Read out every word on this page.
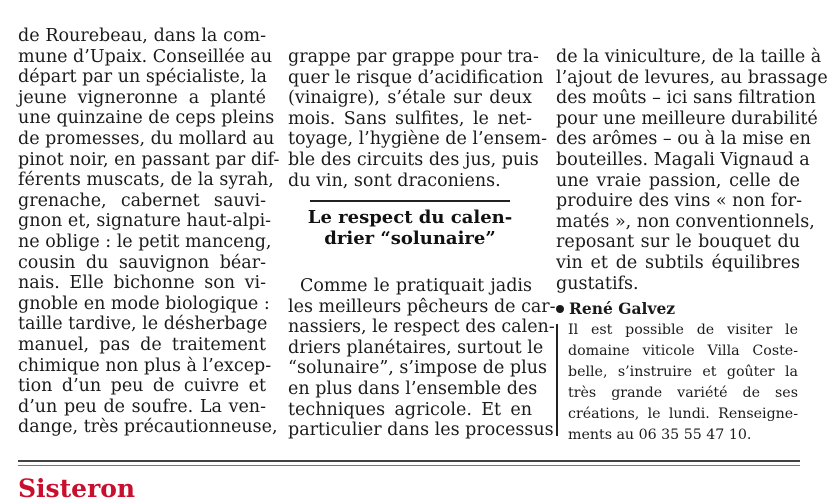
de Rourebeau, dans la com-
mune d’Upaix. Conseillée au
départ par un spécialiste, la
jeune vigneronne a planté
une quinzaine de ceps pleins
de promesses, du mollard au
pinot noir, en passant par dif-
férents muscats, de la syrah,
grenache, cabernet sauvi-
gnon et, signature haut-alpi-
ne oblige : le petit manceng,
cousin du sauvignon béar-
nais. Elle bichonne son vi-
gnoble en mode biologique :
taille tardive, le désherbage
manuel, pas de traitement
chimique non plus à l’excep-
tion d’un peu de cuivre et
d’un peu de soufre. La ven-
dange, très précautionneuse,
grappe par grappe pour tra-
quer le risque d’acidification
(vinaigre), s’étale sur deux
mois. Sans sulfites, le net-
toyage, l’hygiène de l’ensem-
ble des circuits des jus, puis
du vin, sont draconiens.
Le respect du calen-
drier “solunaire”
Comme le pratiquait jadis
les meilleurs pêcheurs de car-
nassiers, le respect des calen-
driers planétaires, surtout le
“solunaire”, s’impose de plus
en plus dans l’ensemble des
techniques agricole. Et en
particulier dans les processus
de la viniculture, de la taille à
l’ajout de levures, au brassage
des moûts – ici sans filtration
pour une meilleure durabilité
des arômes – ou à la mise en
bouteilles. Magali Vignaud a
une vraie passion, celle de
produire des vins « non for-
matés », non conventionnels,
reposant sur le bouquet du
vin et de subtils équilibres
gustatifs.
René Galvez
Il est possible de visiter le
domaine viticole Villa Coste-
belle, s’instruire et goûter la
très grande variété de ses
créations, le lundi. Renseigne-
ments au 06 35 55 47 10.
Sisteron
